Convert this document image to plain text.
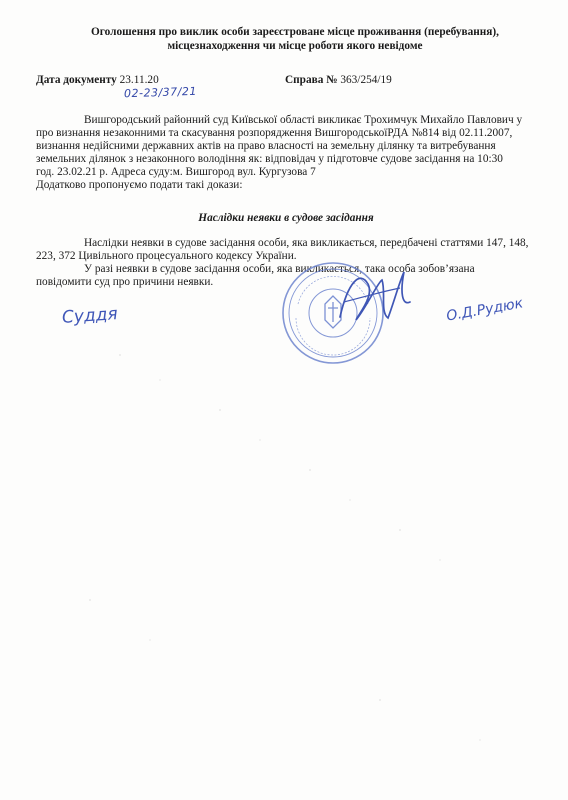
Оголошення про виклик особи зареєстроване місце проживання (перебування),
місцезнаходження чи місце роботи якого невідоме
Дата документу 23.11.20	Справа № 363/254/19
02-23/37/21

Вишгородський районний суд Київської області викликає Трохимчук Михайло Павлович у

про визнання незаконними та скасування розпорядження ВишгородськоїРДА №814 від 02.11.2007,

визнання недійсними державних актів на право власності на земельну ділянку та витребування

земельних ділянок з незаконного володіння як: відповідач у підготовче судове засідання на 10:30

год. 23.02.21 р. Адреса суду:м. Вишгород вул. Кургузова 7

Додатково пропонуємо подати такі докази:

Наслідки неявки в судове засідання

Наслідки неявки в судове засідання особи, яка викликається, передбачені статтями 147, 148,

223, 372 Цивільного процесуального кодексу України.

У разі неявки в судове засідання особи, яка викликається, така особа зобов’язана

повідомити суд про причини неявки.

Суддя	О.Д.Рудюк
